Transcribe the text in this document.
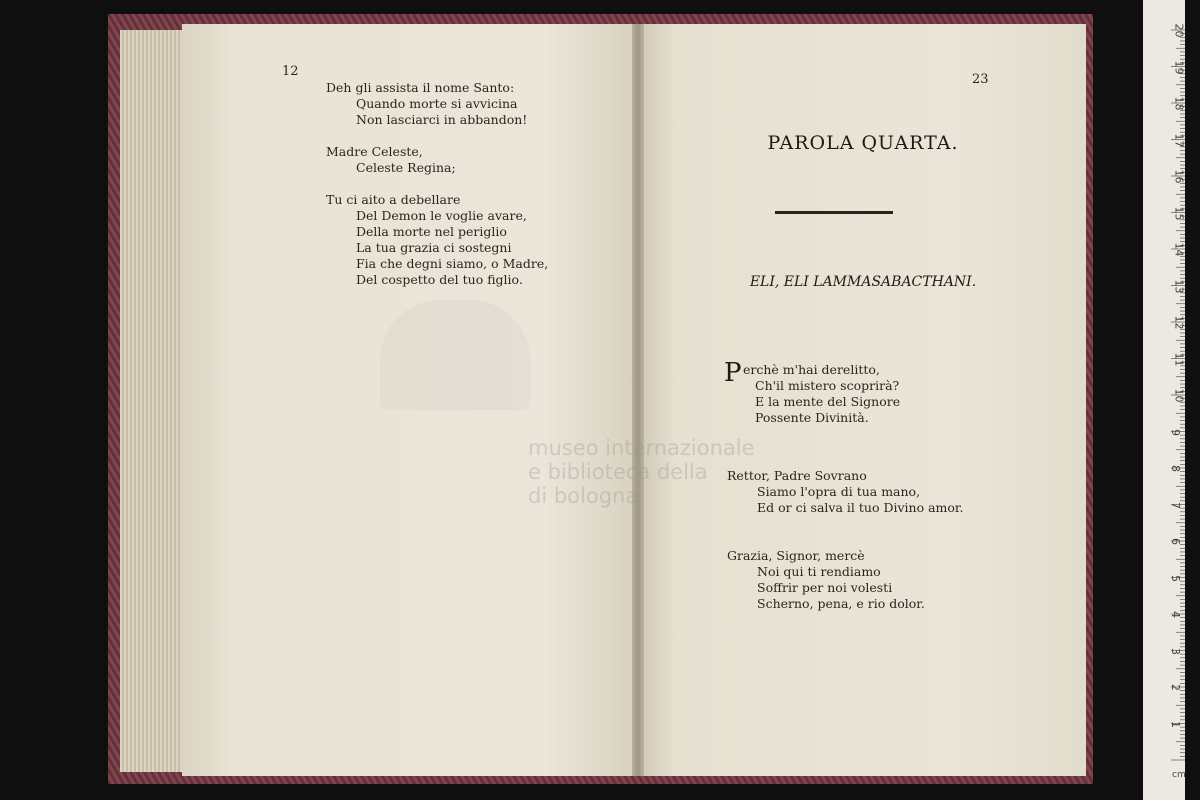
museo internazionale
e biblioteca della
di bologna
12
Deh gli assista il nome Santo:
Quando morte si avvicina
Non lasciarci in abbandon!
Madre Celeste,
Celeste Regina;
Tu ci aito a debellare
Del Demon le voglie avare,
Della morte nel periglio
La tua grazia ci sostegni
Fia che degni siamo, o Madre,
Del cospetto del tuo figlio.
23
PAROLA QUARTA.
ELI, ELI LAMMASABACTHANI.
P erchè m'hai derelitto,
Ch'il mistero scoprirà?
E la mente del Signore
Possente Divinità.
Rettor, Padre Sovrano
Siamo l'opra di tua mano,
Ed or ci salva il tuo Divino amor.
Grazia, Signor, mercè
Noi qui ti rendiamo
Soffrir per noi volesti
Scherno, pena, e rio dolor.
20
19
18
17
16
15
14
13
12
11
10
9
8
7
6
5
4
3
2
1
cm
